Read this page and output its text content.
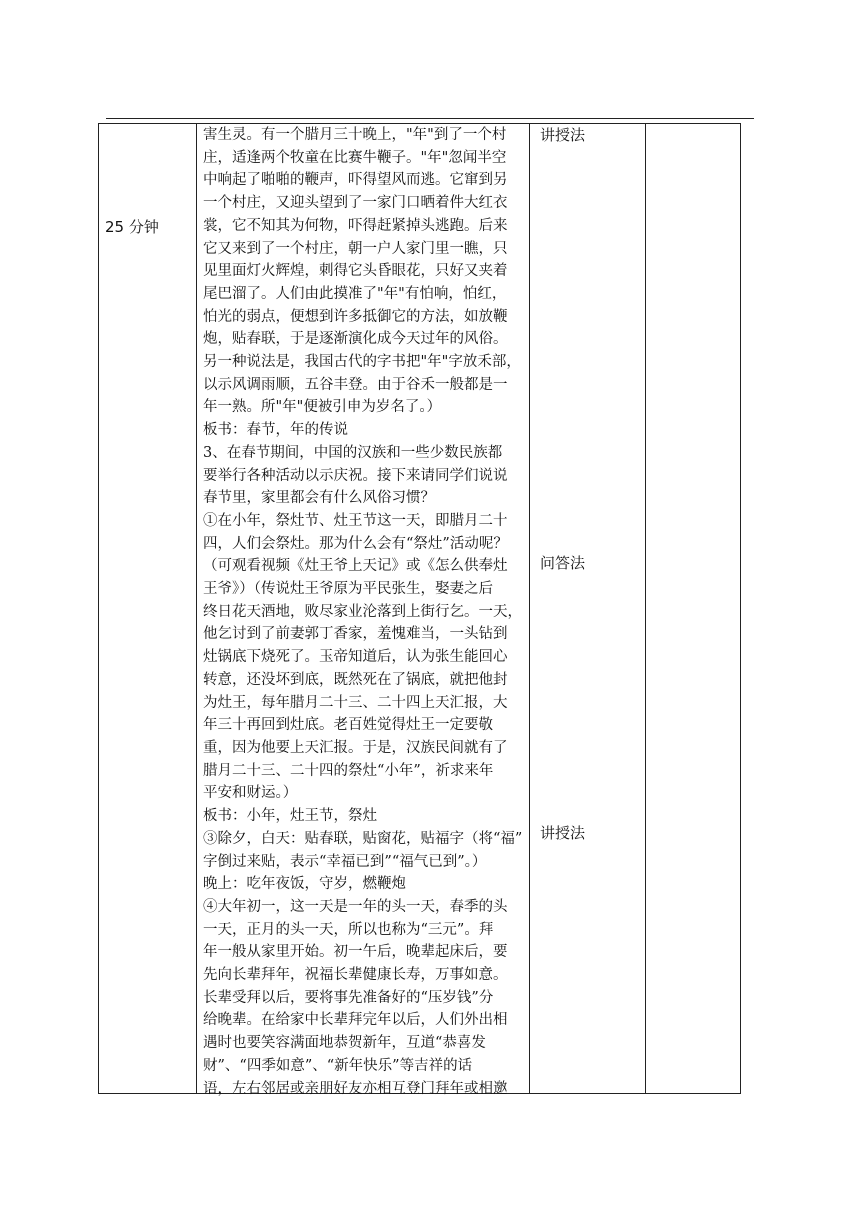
25 分钟

害生灵。有一个腊月三十晚上，"年"到了一个村

庄，适逢两个牧童在比赛牛鞭子。"年"忽闻半空

中响起了啪啪的鞭声，吓得望风而逃。它窜到另

一个村庄，又迎头望到了一家门口晒着件大红衣

裳，它不知其为何物，吓得赶紧掉头逃跑。后来

它又来到了一个村庄，朝一户人家门里一瞧，只

见里面灯火辉煌，刺得它头昏眼花，只好又夹着

尾巴溜了。人们由此摸准了"年"有怕响，怕红，

怕光的弱点，便想到许多抵御它的方法，如放鞭

炮，贴春联，于是逐渐演化成今天过年的风俗。

另一种说法是，我国古代的字书把"年"字放禾部，

以示风调雨顺，五谷丰登。由于谷禾一般都是一

年一熟。所"年"便被引申为岁名了。）

板书：春节，年的传说

3、在春节期间，中国的汉族和一些少数民族都

要举行各种活动以示庆祝。接下来请同学们说说

春节里，家里都会有什么风俗习惯？

①在小年，祭灶节、灶王节这一天，即腊月二十

四，人们会祭灶。那为什么会有“祭灶”活动呢？

（可观看视频《灶王爷上天记》或《怎么供奉灶

王爷》）（传说灶王爷原为平民张生，娶妻之后

终日花天酒地，败尽家业沦落到上街行乞。一天，

他乞讨到了前妻郭丁香家，羞愧难当，一头钻到

灶锅底下烧死了。玉帝知道后，认为张生能回心

转意，还没坏到底，既然死在了锅底，就把他封

为灶王，每年腊月二十三、二十四上天汇报，大

年三十再回到灶底。老百姓觉得灶王一定要敬

重，因为他要上天汇报。于是，汉族民间就有了

腊月二十三、二十四的祭灶“小年”，祈求来年

平安和财运。）

板书：小年，灶王节，祭灶

③除夕，白天：贴春联，贴窗花，贴福字（将“福”

字倒过来贴，表示“幸福已到”“福气已到”。）

晚上：吃年夜饭，守岁，燃鞭炮

④大年初一，这一天是一年的头一天，春季的头

一天，正月的头一天，所以也称为“三元”。拜

年一般从家里开始。初一午后，晚辈起床后，要

先向长辈拜年，祝福长辈健康长寿，万事如意。

长辈受拜以后，要将事先准备好的“压岁钱”分

给晚辈。在给家中长辈拜完年以后，人们外出相

遇时也要笑容满面地恭贺新年，互道“恭喜发

财”、“四季如意”、“新年快乐”等吉祥的话

语，左右邻居或亲朋好友亦相互登门拜年或相邀

讲授法
问答法
讲授法
